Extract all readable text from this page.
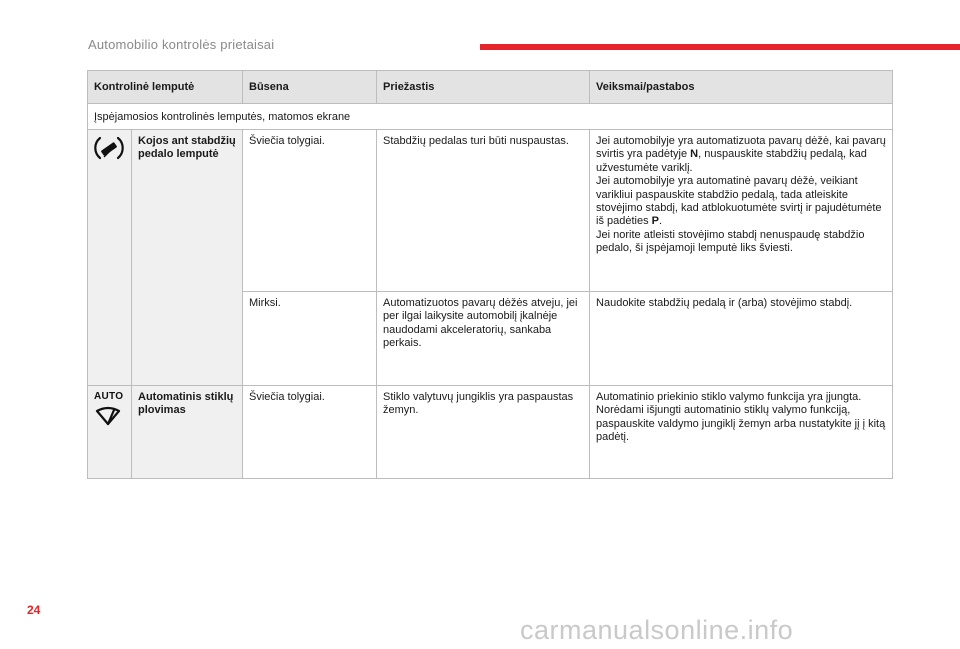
Automobilio kontrolės prietaisai
Kontrolinė lemputė		Būsena	Priežastis	Veiksmai/pastabos
Įspėjamosios kontrolinės lemputės, matomos ekrane				
	Kojos ant stabdžių pedalo lemputė	Šviečia tolygiai.	Stabdžių pedalas turi būti nuspaustas.	Jei automobilyje yra automatizuota pavarų dėžė, kai pavarų svirtis yra padėtyje N, nuspauskite stabdžių pedalą, kad užvestumėte variklį.
Jei automobilyje yra automatinė pavarų dėžė, veikiant varikliui paspauskite stabdžio pedalą, tada atleiskite stovėjimo stabdį, kad atblokuotumėte svirtį ir pajudėtumėte iš padėties P.
Jei norite atleisti stovėjimo stabdį nenuspaudę stabdžio pedalo, ši įspėjamoji lemputė liks šviesti.

		Mirksi.	Automatizuotos pavarų dėžės atveju, jei per ilgai laikysite automobilį įkalnėje naudodami akceleratorių, sankaba perkais.	Naudokite stabdžių pedalą ir (arba) stovėjimo stabdį.

AUTO	Automatinis stiklų plovimas	Šviečia tolygiai.	Stiklo valytuvų jungiklis yra paspaustas žemyn.	Automatinio priekinio stiklo valymo funkcija yra įjungta.
Norėdami išjungti automatinio stiklų valymo funkciją, paspauskite valdymo jungiklį žemyn arba nustatykite jį į kitą padėtį.
24
carmanualsonline.info
